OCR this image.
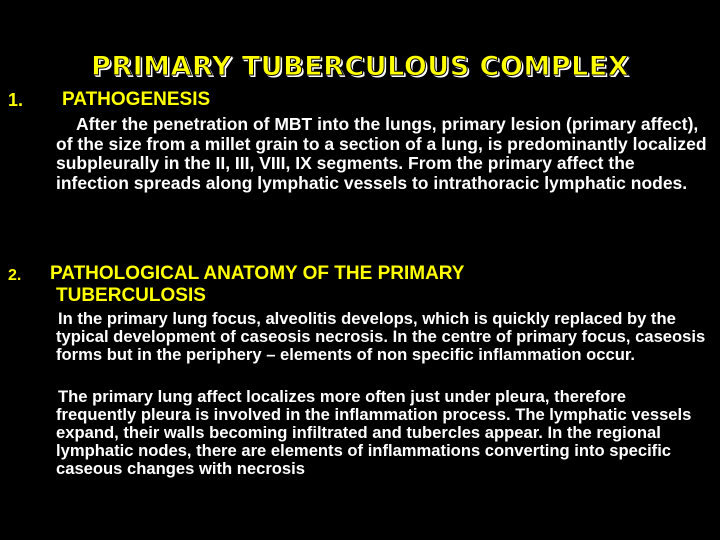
PRIMARY TUBERCULOUS COMPLEX
1. PATHOGENESIS
After the penetration of MBT into the lungs, primary lesion (primary affect), of the size from a millet grain to a section of a lung, is predominantly localized subpleurally in the II, III, VIII, IX segments. From the primary affect the infection spreads along lymphatic vessels to intrathoracic lymphatic nodes.
2. PATHOLOGICAL ANATOMY OF THE PRIMARY
TUBERCULOSIS
In the primary lung focus, alveolitis develops, which is quickly replaced by the typical development of caseosis necrosis. In the centre of primary focus, caseosis forms but in the periphery – elements of non specific inflammation occur.
The primary lung affect localizes more often just under pleura, therefore frequently pleura is involved in the inflammation process. The lymphatic vessels expand, their walls becoming infiltrated and tubercles appear. In the regional lymphatic nodes, there are elements of inflammations converting into specific caseous changes with necrosis
